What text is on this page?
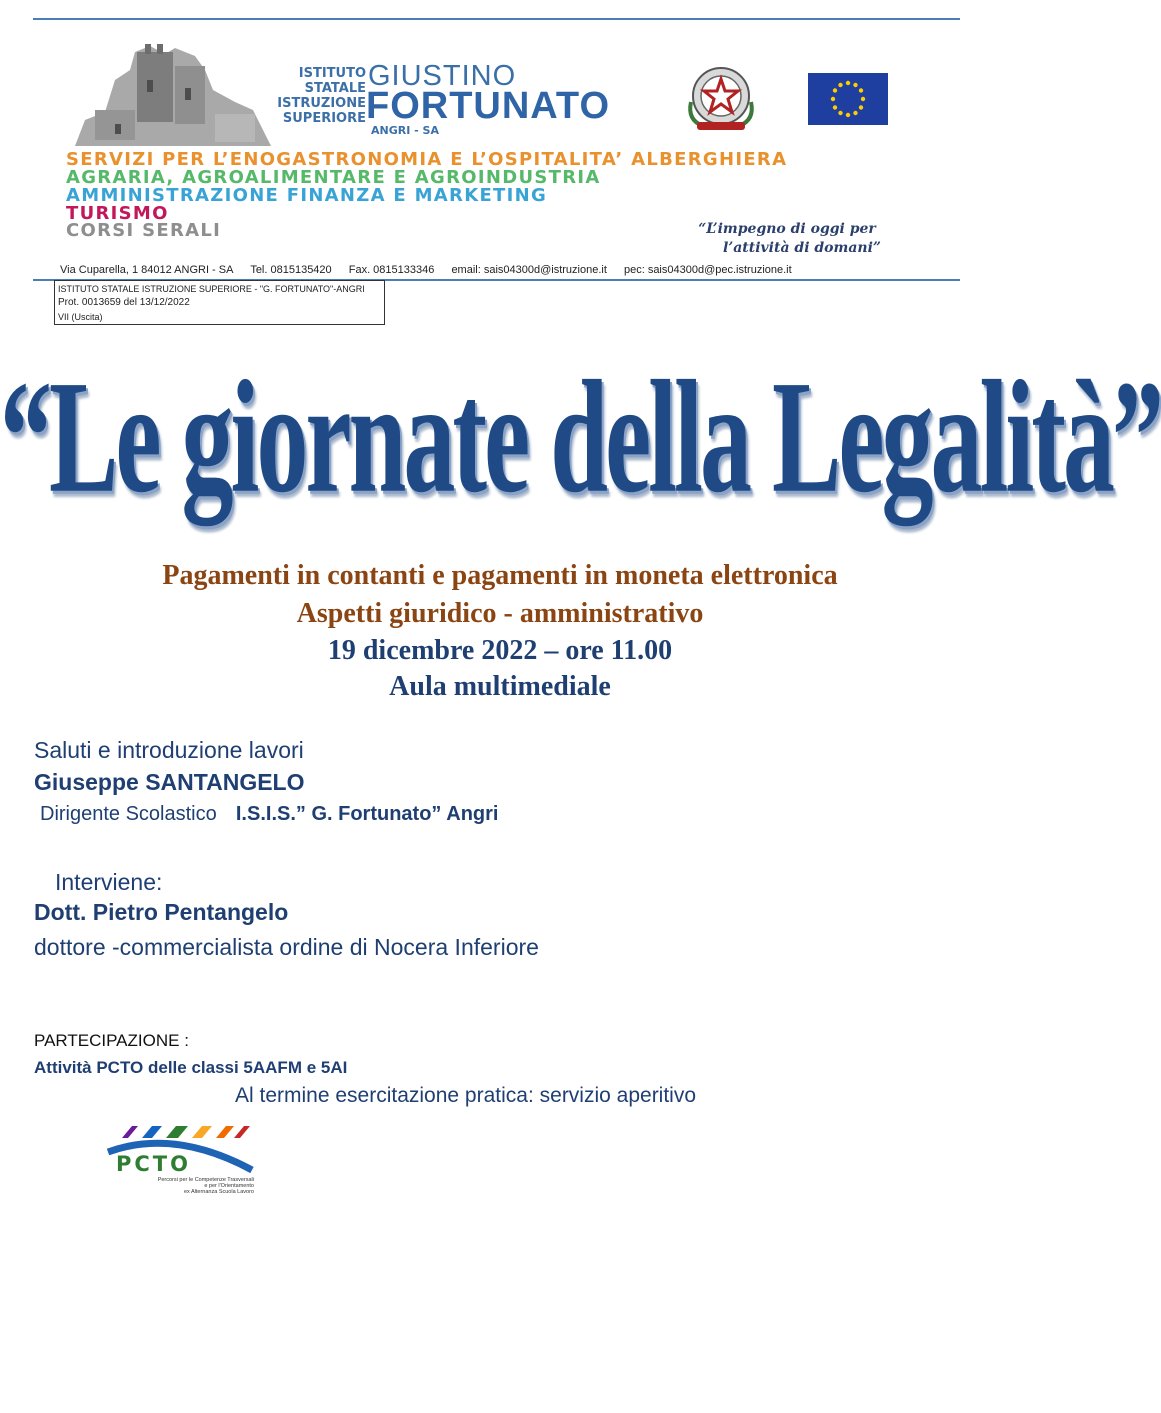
ISTITUTO
STATALE
ISTRUZIONE
SUPERIORE
GIUSTINO
FORTUNATO
ANGRI - SA
SERVIZI PER L’ENOGASTRONOMIA E L’OSPITALITA’ ALBERGHIERA
AGRARIA, AGROALIMENTARE E AGROINDUSTRIA
AMMINISTRAZIONE FINANZA E MARKETING
TURISMO
CORSI SERALI	“L’impegno di oggi per
l’attività di domani”
Via Cuparella, 1 84012 ANGRI - SA Tel. 0815135420 Fax. 0815133346 email: sais04300d@istruzione.it pec: sais04300d@pec.istruzione.it
ISTITUTO STATALE ISTRUZIONE SUPERIORE - "G. FORTUNATO"-ANGRI
Prot. 0013659 del 13/12/2022
VII (Uscita)
“Le giornate della Legalità”
Pagamenti in contanti e pagamenti in moneta elettronica
Aspetti giuridico - amministrativo
19 dicembre 2022 – ore 11.00
Aula multimediale
Saluti e introduzione lavori
Giuseppe SANTANGELO
Dirigente Scolastico I.S.I.S.” G. Fortunato” Angri
Interviene:
Dott. Pietro Pentangelo
dottore -commercialista ordine di Nocera Inferiore
PARTECIPAZIONE :
Attività PCTO delle classi 5AAFM e 5AI
Al termine esercitazione pratica: servizio aperitivo
PCTO
Percorsi per le Competenze Trasversali
e per l'Orientamento
ex Alternanza Scuola Lavoro
